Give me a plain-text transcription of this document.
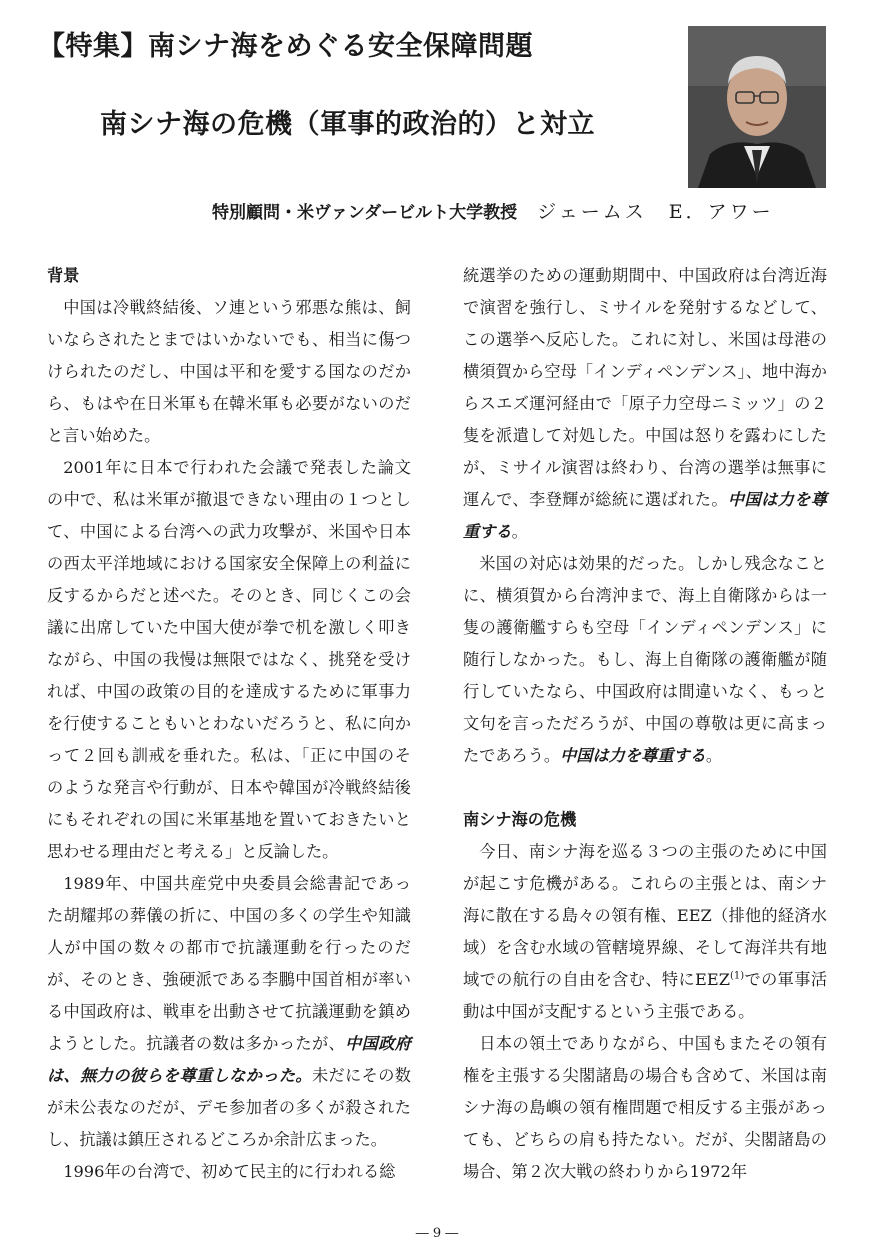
【特集】南シナ海をめぐる安全保障問題
南シナ海の危機（軍事的政治的）と対立
特別顧問・米ヴァンダービルト大学教授 ジェームス　E．アワー
背景

中国は冷戦終結後、ソ連という邪悪な熊は、飼いならされたとまではいかないでも、相当に傷つけられたのだし、中国は平和を愛する国なのだから、もはや在日米軍も在韓米軍も必要がないのだと言い始めた。

2001年に日本で行われた会議で発表した論文の中で、私は米軍が撤退できない理由の１つとして、中国による台湾への武力攻撃が、米国や日本の西太平洋地域における国家安全保障上の利益に反するからだと述べた。そのとき、同じくこの会議に出席していた中国大使が拳で机を激しく叩きながら、中国の我慢は無限ではなく、挑発を受ければ、中国の政策の目的を達成するために軍事力を行使することもいとわないだろうと、私に向かって２回も訓戒を垂れた。私は、「正に中国のそのような発言や行動が、日本や韓国が冷戦終結後にもそれぞれの国に米軍基地を置いておきたいと思わせる理由だと考える」と反論した。

1989年、中国共産党中央委員会総書記であった胡耀邦の葬儀の折に、中国の多くの学生や知識人が中国の数々の都市で抗議運動を行ったのだが、そのとき、強硬派である李鵬中国首相が率いる中国政府は、戦車を出動させて抗議運動を鎮めようとした。抗議者の数は多かったが、中国政府は、無力の彼らを尊重しなかった。未だにその数が未公表なのだが、デモ参加者の多くが殺されたし、抗議は鎮圧されるどころか余計広まった。

1996年の台湾で、初めて民主的に行われる総

統選挙のための運動期間中、中国政府は台湾近海で演習を強行し、ミサイルを発射するなどして、この選挙へ反応した。これに対し、米国は母港の横須賀から空母「インディペンデンス」、地中海からスエズ運河経由で「原子力空母ニミッツ」の２隻を派遣して対処した。中国は怒りを露わにしたが、ミサイル演習は終わり、台湾の選挙は無事に運んで、李登輝が総統に選ばれた。中国は力を尊重する。

米国の対応は効果的だった。しかし残念なことに、横須賀から台湾沖まで、海上自衛隊からは一隻の護衛艦すらも空母「インディペンデンス」に随行しなかった。もし、海上自衛隊の護衛艦が随行していたなら、中国政府は間違いなく、もっと文句を言っただろうが、中国の尊敬は更に高まったであろう。中国は力を尊重する。

南シナ海の危機

今日、南シナ海を巡る３つの主張のために中国が起こす危機がある。これらの主張とは、南シナ海に散在する島々の領有権、EEZ（排他的経済水域）を含む水域の管轄境界線、そして海洋共有地域での航行の自由を含む、特にEEZ$^{(1)}$での軍事活動は中国が支配するという主張である。

日本の領土でありながら、中国もまたその領有権を主張する尖閣諸島の場合も含めて、米国は南シナ海の島嶼の領有権問題で相反する主張があっても、どちらの肩も持たない。だが、尖閣諸島の場合、第２次大戦の終わりから1972年

― 9 ―
